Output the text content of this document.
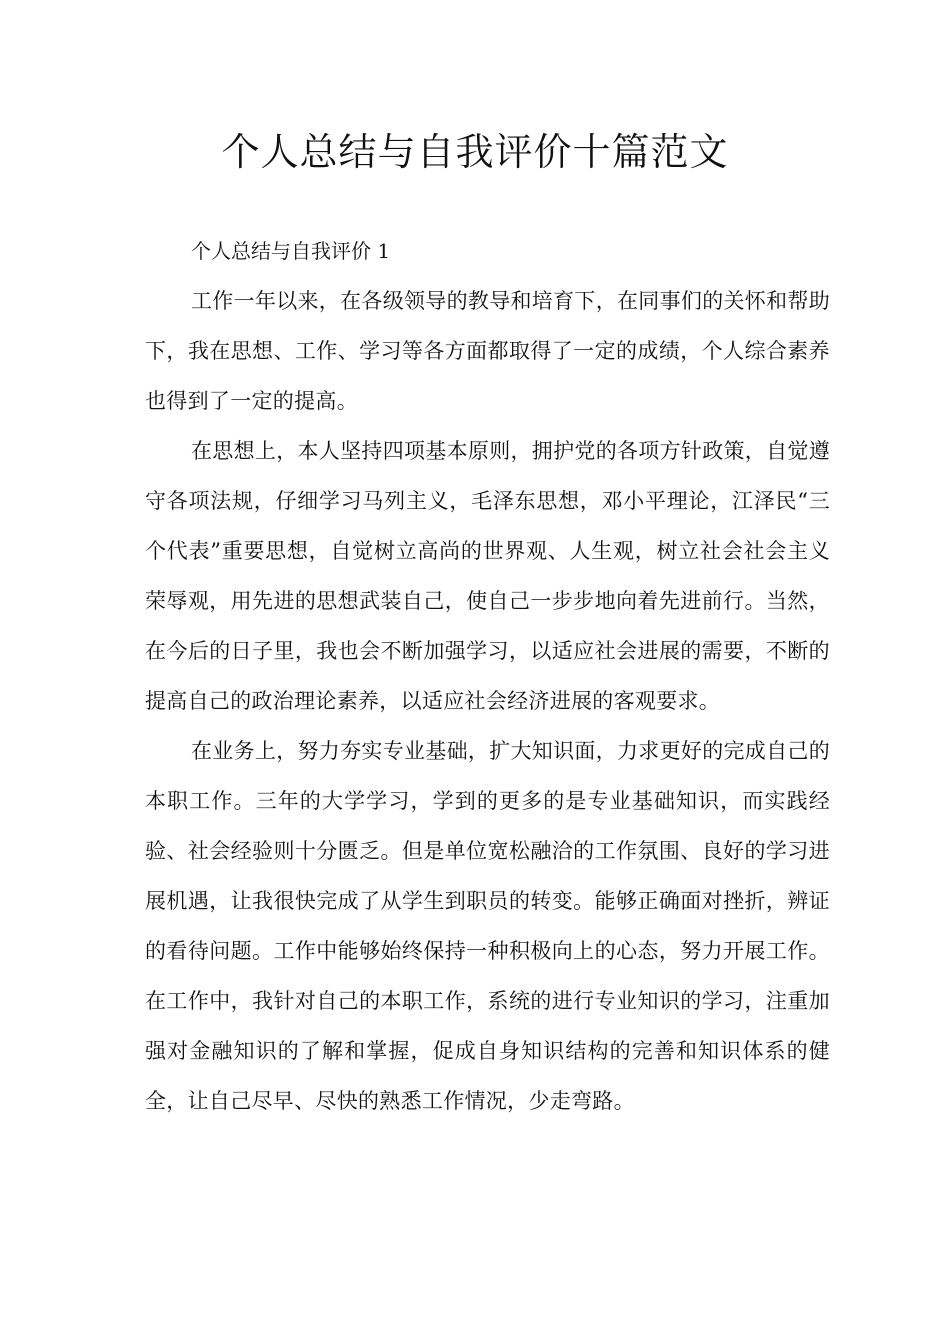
个人总结与自我评价十篇范文

个人总结与自我评价 1

工作一年以来，在各级领导的教导和培育下，在同事们的关怀和帮助下，我在思想、工作、学习等各方面都取得了一定的成绩，个人综合素养也得到了一定的提高。

在思想上，本人坚持四项基本原则，拥护党的各项方针政策，自觉遵守各项法规，仔细学习马列主义，毛泽东思想，邓小平理论，江泽民“三个代表”重要思想，自觉树立高尚的世界观、人生观，树立社会社会主义荣辱观，用先进的思想武装自己，使自己一步步地向着先进前行。当然，在今后的日子里，我也会不断加强学习，以适应社会进展的需要，不断的提高自己的政治理论素养，以适应社会经济进展的客观要求。

在业务上，努力夯实专业基础，扩大知识面，力求更好的完成自己的本职工作。三年的大学学习，学到的更多的是专业基础知识，而实践经验、社会经验则十分匮乏。但是单位宽松融洽的工作氛围、良好的学习进展机遇，让我很快完成了从学生到职员的转变。能够正确面对挫折，辨证的看待问题。工作中能够始终保持一种积极向上的心态，努力开展工作。在工作中，我针对自己的本职工作，系统的进行专业知识的学习，注重加强对金融知识的了解和掌握，促成自身知识结构的完善和知识体系的健全，让自己尽早、尽快的熟悉工作情况，少走弯路。
